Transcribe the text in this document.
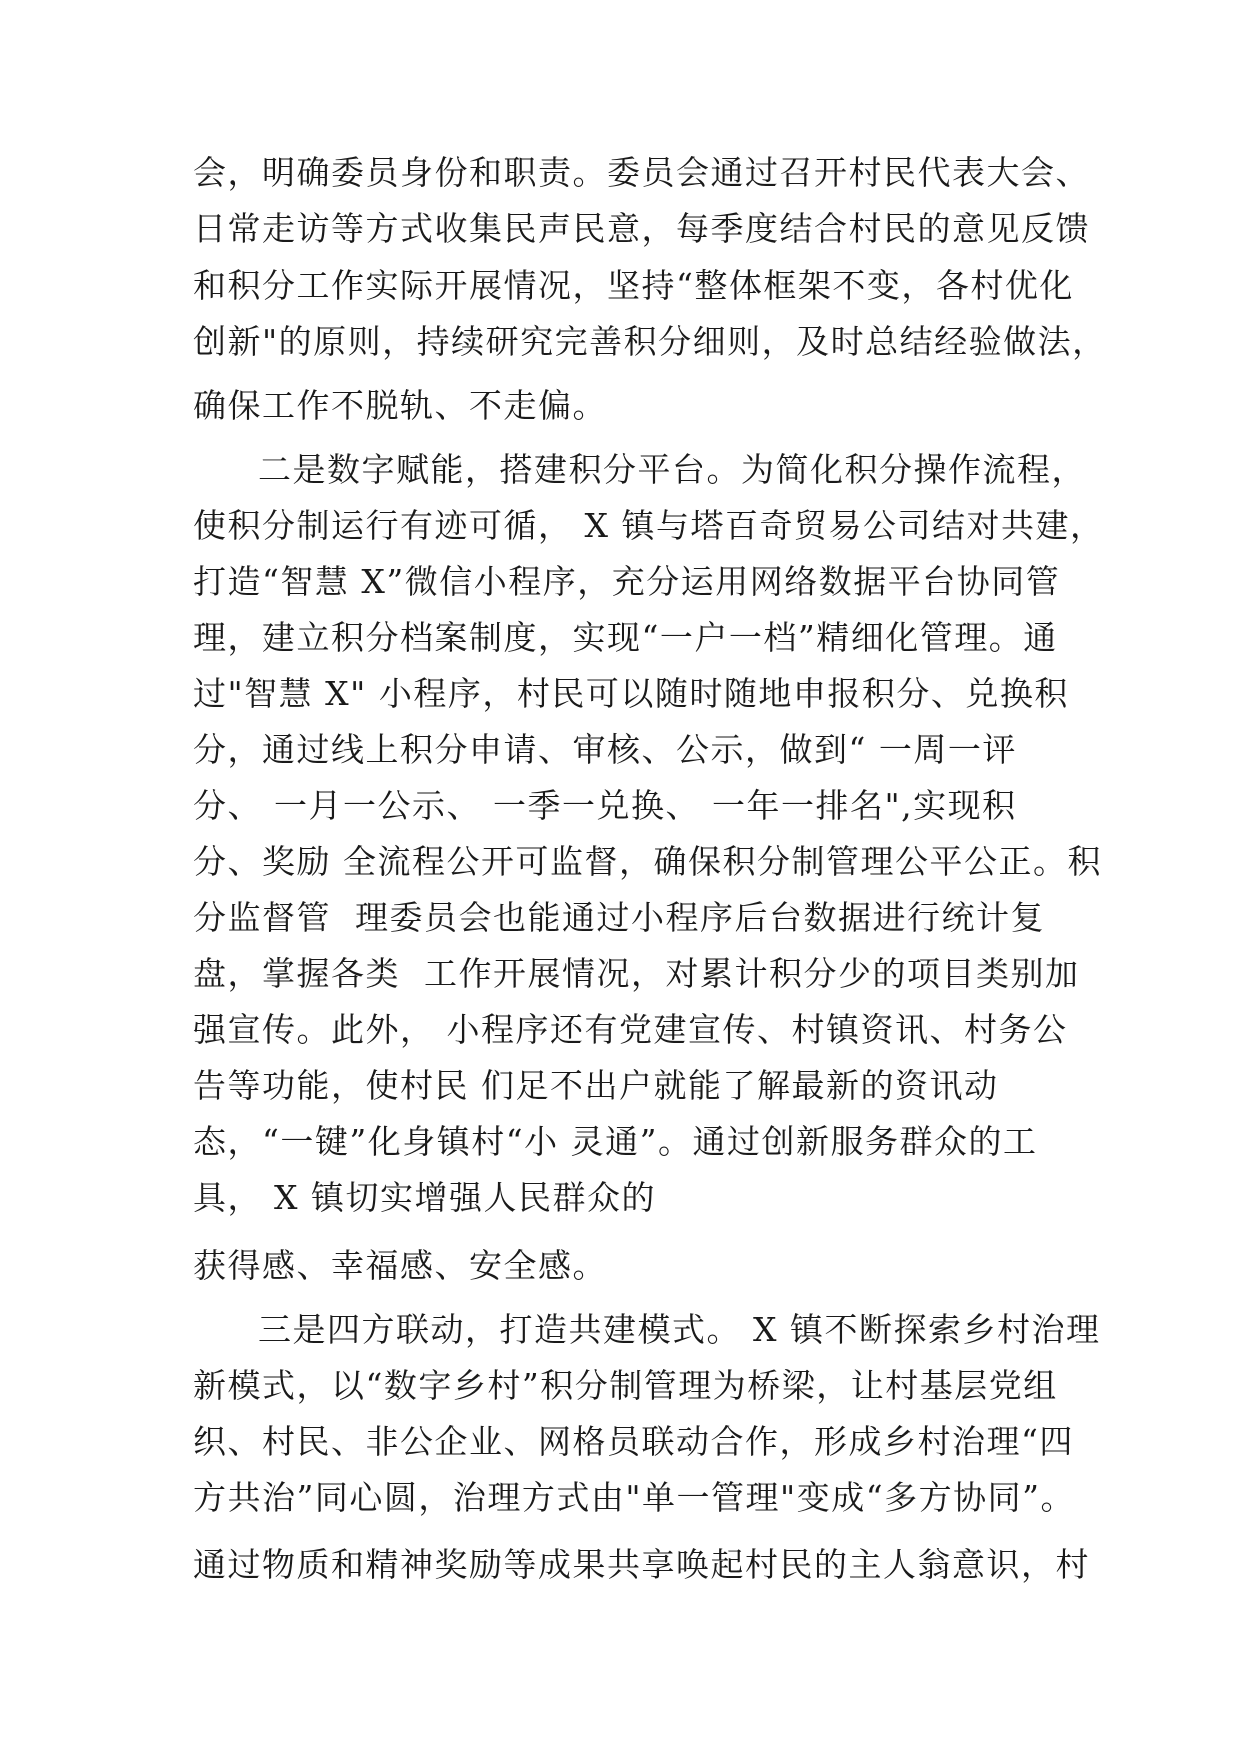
会，明确委员身份和职责。委员会通过召开村民代表大会、
日常走访等方式收集民声民意，每季度结合村民的意见反馈
和积分工作实际开展情况，坚持“整体框架不变，各村优化
创新"的原则，持续研究完善积分细则，及时总结经验做法，
确保工作不脱轨、不走偏。
二是数字赋能，搭建积分平台。为简化积分操作流程，
使积分制运行有迹可循， X 镇与塔百奇贸易公司结对共建，
打造“智慧 X”微信小程序，充分运用网络数据平台协同管
理，建立积分档案制度，实现“一户一档”精细化管理。通
过"智慧 X" 小程序，村民可以随时随地申报积分、兑换积
分，通过线上积分申请、审核、公示，做到“ 一周一评
分、 一月一公示、 一季一兑换、 一年一排名",实现积
分、奖励 全流程公开可监督，确保积分制管理公平公正。积
分监督管  理委员会也能通过小程序后台数据进行统计复
盘，掌握各类  工作开展情况，对累计积分少的项目类别加
强宣传。此外， 小程序还有党建宣传、村镇资讯、村务公
告等功能，使村民 们足不出户就能了解最新的资讯动
态，“一键”化身镇村“小 灵通”。通过创新服务群众的工
具， X 镇切实增强人民群众的
获得感、幸福感、安全感。
三是四方联动，打造共建模式。 X 镇不断探索乡村治理
新模式，以“数字乡村”积分制管理为桥梁，让村基层党组
织、村民、非公企业、网格员联动合作，形成乡村治理“四
方共治”同心圆，治理方式由"单一管理"变成“多方协同”。
通过物质和精神奖励等成果共享唤起村民的主人翁意识，村
